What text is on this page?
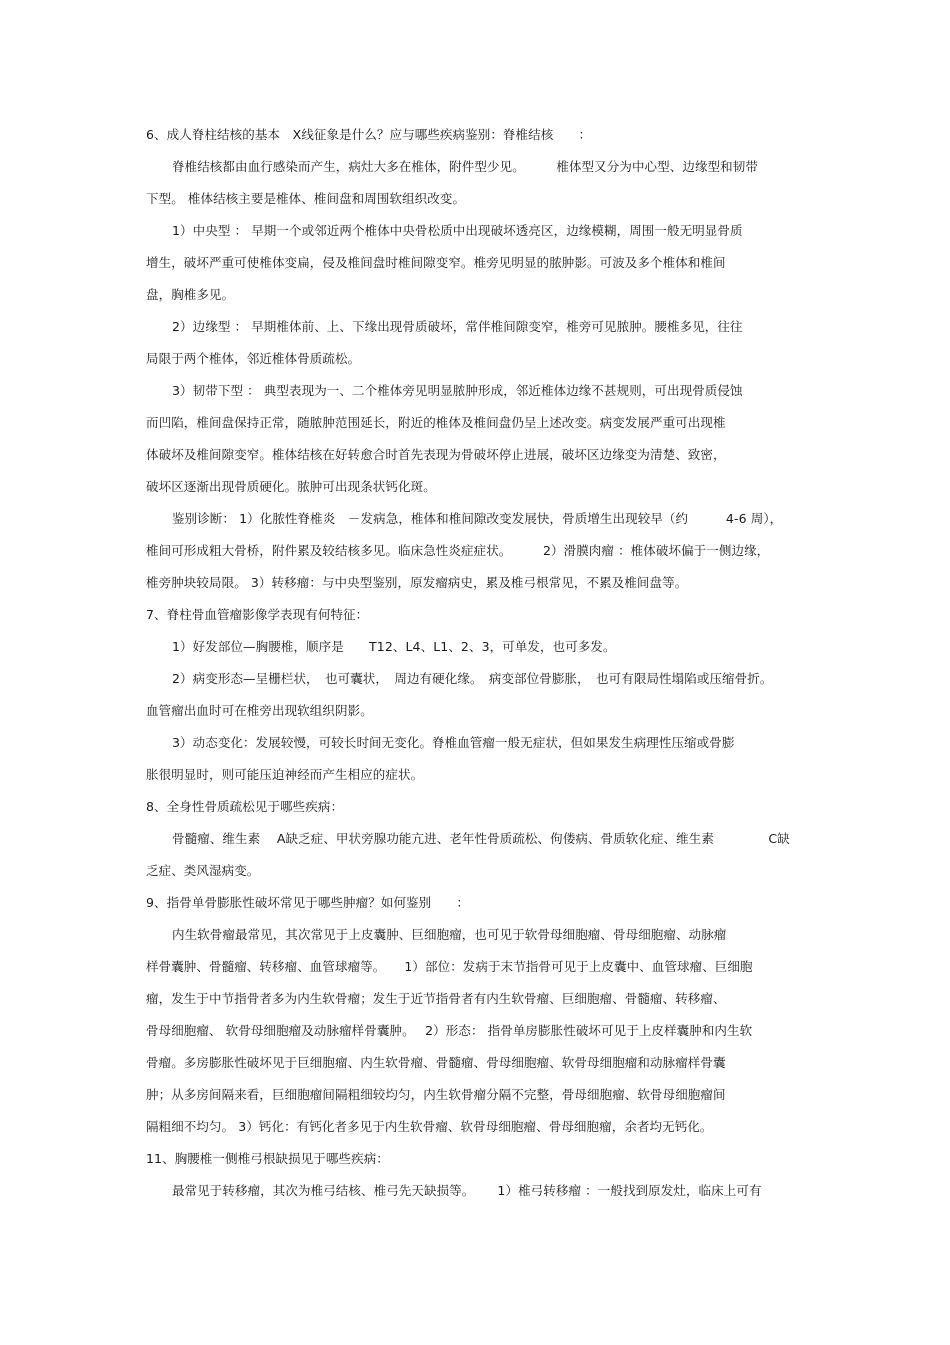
6、成人脊柱结核的基本　X线征象是什么？应与哪些疾病鉴别：脊椎结核　　：
脊椎结核都由血行感染而产生，病灶大多在椎体，附件型少见。　　　椎体型又分为中心型、边缘型和韧带
下型。 椎体结核主要是椎体、椎间盘和周围软组织改变。
1）中央型 ： 早期一个或邻近两个椎体中央骨松质中出现破坏透亮区，边缘模糊，周围一般无明显骨质
增生，破坏严重可使椎体变扁，侵及椎间盘时椎间隙变窄。椎旁见明显的脓肿影。可波及多个椎体和椎间
盘，胸椎多见。
2）边缘型 ： 早期椎体前、上、下缘出现骨质破坏，常伴椎间隙变窄，椎旁可见脓肿。腰椎多见，往往
局限于两个椎体，邻近椎体骨质疏松。
3）韧带下型 ： 典型表现为一、二个椎体旁见明显脓肿形成，邻近椎体边缘不甚规则，可出现骨质侵蚀
而凹陷，椎间盘保持正常，随脓肿范围延长，附近的椎体及椎间盘仍呈上述改变。病变发展严重可出现椎
体破坏及椎间隙变窄。椎体结核在好转愈合时首先表现为骨破坏停止进展，破坏区边缘变为清楚、致密，
破坏区逐渐出现骨质硬化。脓肿可出现条状钙化斑。
鉴别诊断： 1）化脓性脊椎炎　－发病急，椎体和椎间隙改变发展快，骨质增生出现较早（约　　　4-6 周），
椎间可形成粗大骨桥，附件累及较结核多见。临床急性炎症症状。　　　2）滑膜肉瘤 ：椎体破坏偏于一侧边缘，
椎旁肿块较局限。 3）转移瘤：与中央型鉴别，原发瘤病史，累及椎弓根常见，不累及椎间盘等。
7、脊柱骨血管瘤影像学表现有何特征：
1）好发部位—胸腰椎，顺序是　　T12、L4、L1、2、3，可单发，也可多发。
2）病变形态—呈栅栏状，　也可囊状，　周边有硬化缘。　病变部位骨膨胀，　也可有限局性塌陷或压缩骨折。
血管瘤出血时可在椎旁出现软组织阴影。
3）动态变化：发展较慢，可较长时间无变化。脊椎血管瘤一般无症状，但如果发生病理性压缩或骨膨
胀很明显时，则可能压迫神经而产生相应的症状。
8、全身性骨质疏松见于哪些疾病：
骨髓瘤、维生素　 A缺乏症、甲状旁腺功能亢进、老年性骨质疏松、佝偻病、骨质软化症、维生素　　　　 C缺
乏症、类风湿病变。
9、指骨单骨膨胀性破坏常见于哪些肿瘤？如何鉴别　　：
内生软骨瘤最常见，其次常见于上皮囊肿、巨细胞瘤，也可见于软骨母细胞瘤、骨母细胞瘤、动脉瘤
样骨囊肿、骨髓瘤、转移瘤、血管球瘤等。　　1）部位：发病于末节指骨可见于上皮囊中、血管球瘤、巨细胞
瘤，发生于中节指骨者多为内生软骨瘤；发生于近节指骨者有内生软骨瘤、巨细胞瘤、骨髓瘤、转移瘤、
骨母细胞瘤、 软骨母细胞瘤及动脉瘤样骨囊肿。　 2）形态： 指骨单房膨胀性破坏可见于上皮样囊肿和内生软
骨瘤。多房膨胀性破坏见于巨细胞瘤、内生软骨瘤、骨髓瘤、骨母细胞瘤、软骨母细胞瘤和动脉瘤样骨囊
肿；从多房间隔来看，巨细胞瘤间隔粗细较均匀，内生软骨瘤分隔不完整，骨母细胞瘤、软骨母细胞瘤间
隔粗细不均匀。 3）钙化：有钙化者多见于内生软骨瘤、软骨母细胞瘤、骨母细胞瘤，余者均无钙化。
11、胸腰椎一侧椎弓根缺损见于哪些疾病：
最常见于转移瘤，其次为椎弓结核、椎弓先天缺损等。　　 1）椎弓转移瘤 ：一般找到原发灶，临床上可有
